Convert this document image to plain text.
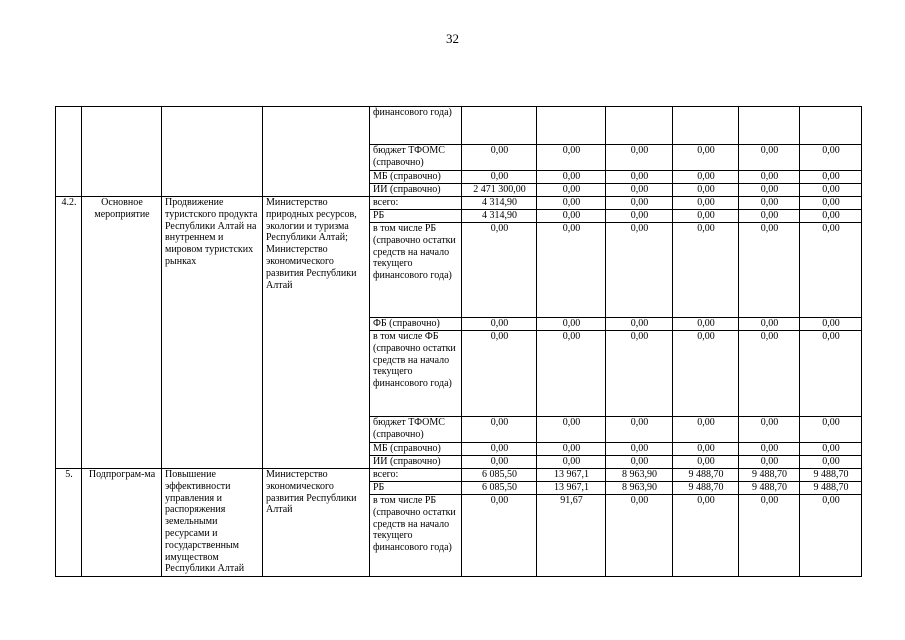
32
				финансового года)						
				бюджет ТФОМС (справочно)	0,00	0,00	0,00	0,00	0,00	0,00
				МБ (справочно)	0,00	0,00	0,00	0,00	0,00	0,00
				ИИ (справочно)	2 471 300,00	0,00	0,00	0,00	0,00	0,00
4.2.	Основное мероприятие	Продвижение туристского продукта Республики Алтай на внутреннем и мировом туристских рынках	Министерство природных ресурсов, экологии и туризма Республики Алтай; Министерство экономического развития Республики Алтай	всего:	4 314,90	0,00	0,00	0,00	0,00	0,00
				РБ	4 314,90	0,00	0,00	0,00	0,00	0,00
				в том числе РБ (справочно остатки средств на начало текущего финансового года)	0,00	0,00	0,00	0,00	0,00	0,00
				ФБ (справочно)	0,00	0,00	0,00	0,00	0,00	0,00
				в том числе ФБ (справочно остатки средств на начало текущего финансового года)	0,00	0,00	0,00	0,00	0,00	0,00
				бюджет ТФОМС (справочно)	0,00	0,00	0,00	0,00	0,00	0,00
				МБ (справочно)	0,00	0,00	0,00	0,00	0,00	0,00
				ИИ (справочно)	0,00	0,00	0,00	0,00	0,00	0,00
5.	Подпрограм-ма	Повышение эффективности управления и распоряжения земельными ресурсами и государственным имуществом Республики Алтай	Министерство экономического развития Республики Алтай	всего:	6 085,50	13 967,1	8 963,90	9 488,70	9 488,70	9 488,70
				РБ	6 085,50	13 967,1	8 963,90	9 488,70	9 488,70	9 488,70
				в том числе РБ (справочно остатки средств на начало текущего финансового года)	0,00	91,67	0,00	0,00	0,00	0,00
